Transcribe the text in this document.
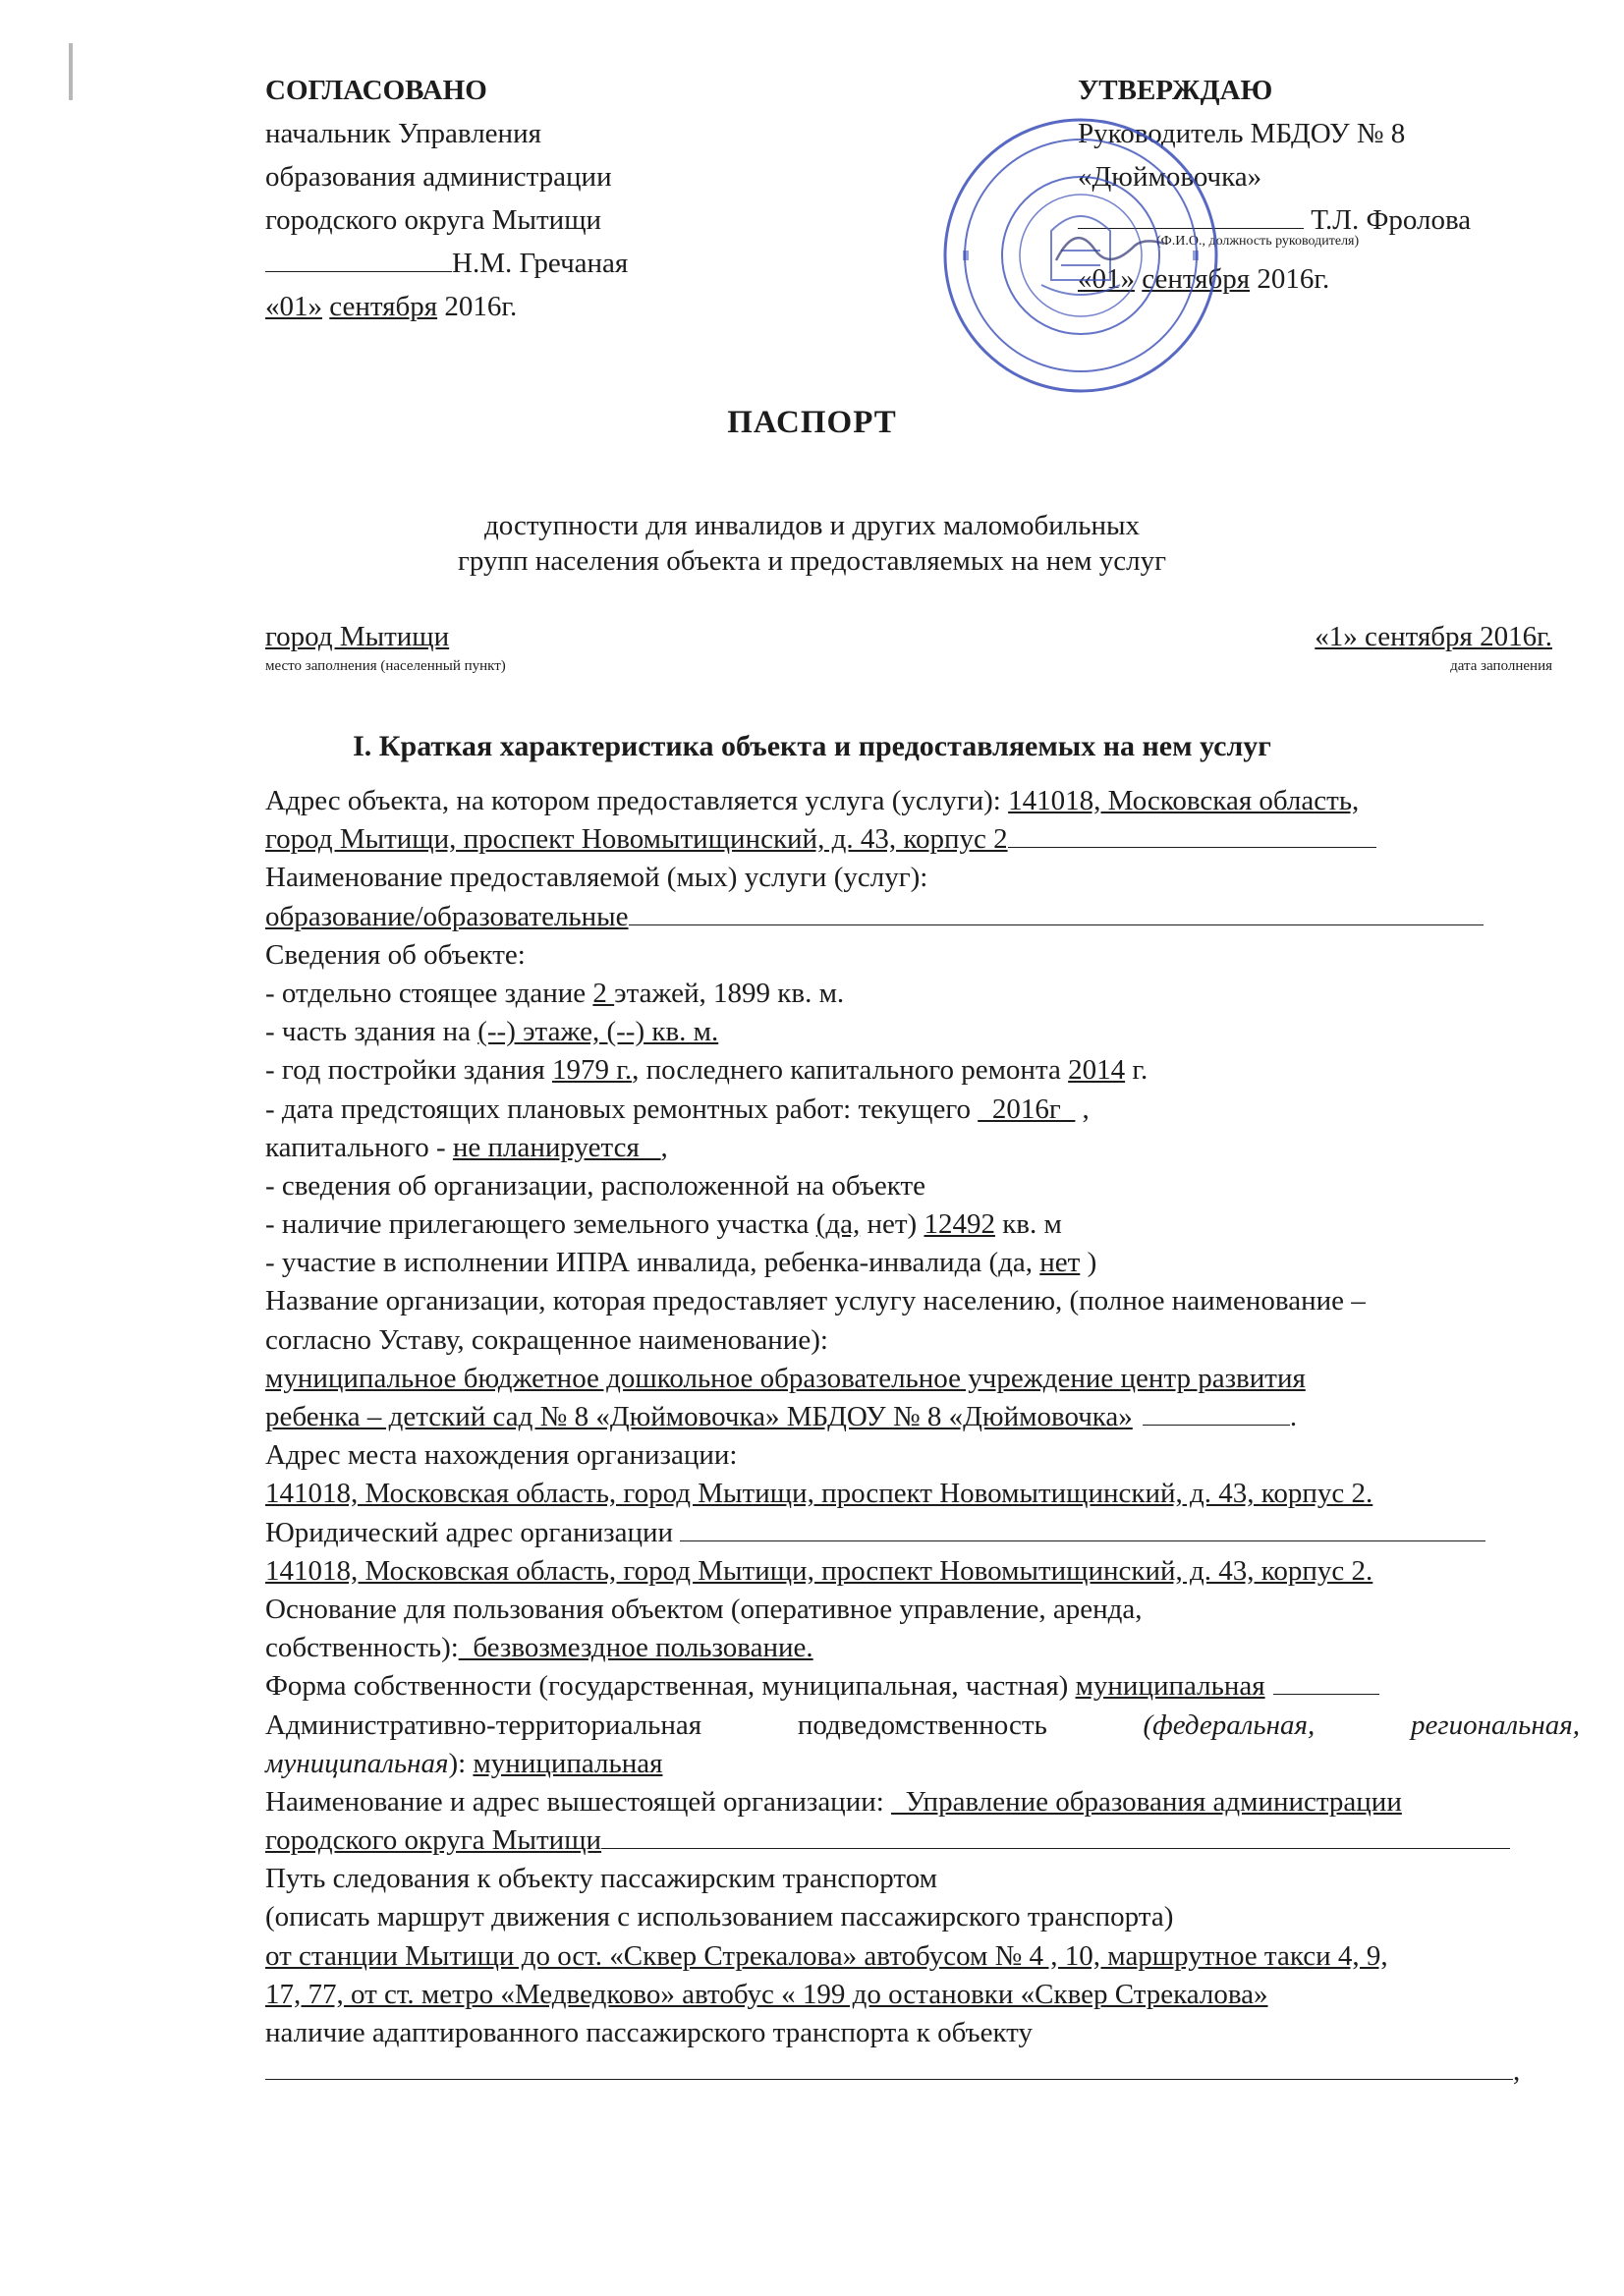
СОГЛАСОВАНО
начальник Управления
образования администрации
городского округа Мытищи
Н.М. Гречаная
«01» сентября 2016г.
УТВЕРЖДАЮ
Руководитель МБДОУ № 8
«Дюймовочка»
Т.Л. Фролова
(Ф.И.О., должность руководителя)
«01» сентября 2016г.
ПАСПОРТ
доступности для инвалидов и других маломобильных
групп населения объекта и предоставляемых на нем услуг
город Мытищи	«1» сентября 2016г.
место заполнения (населенный пункт)	дата заполнения
I. Краткая характеристика объекта и предоставляемых на нем услуг
Адрес объекта, на котором предоставляется услуга (услуги): 141018, Московская область,
город Мытищи, проспект Новомытищинский, д. 43, корпус 2
Наименование предоставляемой (мых) услуги (услуг):
образование/образовательные
Сведения об объекте:
- отдельно стоящее здание 2 этажей, 1899 кв. м.
- часть здания на (--) этаже, (--) кв. м.
- год постройки здания 1979 г., последнего капитального ремонта 2014 г.
- дата предстоящих плановых ремонтных работ: текущего _2016г_ ,
капитального - не планируется _,
- сведения об организации, расположенной на объекте
- наличие прилегающего земельного участка (да, нет) 12492 кв. м
- участие в исполнении ИПРА инвалида, ребенка-инвалида (да, нет )
Название организации, которая предоставляет услугу населению, (полное наименование –
согласно Уставу, сокращенное наименование):
муниципальное бюджетное дошкольное образовательное учреждение центр развития
ребенка – детский сад № 8 «Дюймовочка» МБДОУ № 8 «Дюймовочка»	.
Адрес места нахождения организации:
141018, Московская область, город Мытищи, проспект Новомытищинский, д. 43, корпус 2.
Юридический адрес организации
141018, Московская область, город Мытищи, проспект Новомытищинский, д. 43, корпус 2.
Основание для пользования объектом (оперативное управление, аренда,
собственность):_безвозмездное пользование.
Форма собственности (государственная, муниципальная, частная) муниципальная
Административно-территориальная	подведомственность	(федеральная,	региональная,
муниципальная): муниципальная
Наименование и адрес вышестоящей организации: _Управление образования администрации
городского округа Мытищи
Путь следования к объекту пассажирским транспортом
(описать маршрут движения с использованием пассажирского транспорта)
от станции Мытищи до ост. «Сквер Стрекалова» автобусом № 4 , 10, маршрутное такси 4, 9,
17, 77, от ст. метро «Медведково» автобус « 199 до остановки «Сквер Стрекалова»
наличие адаптированного пассажирского транспорта к объекту
,
